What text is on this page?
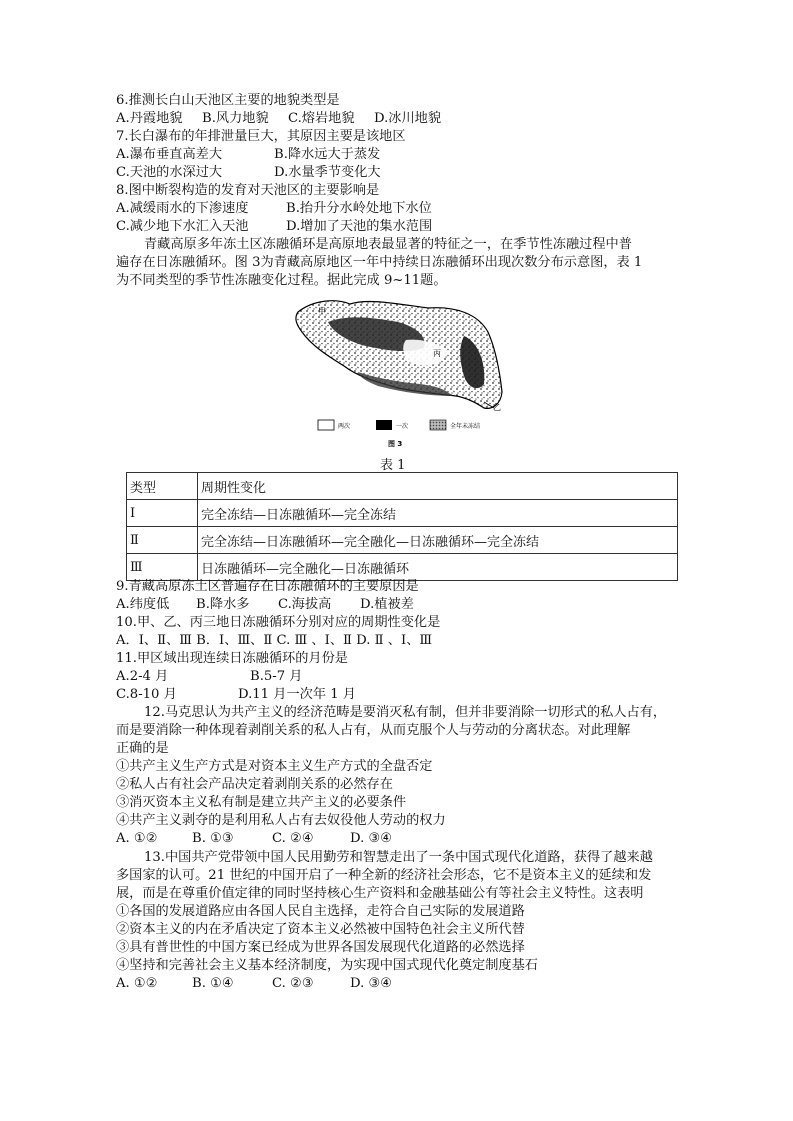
6.推测长白山天池区主要的地貌类型是
A.丹霞地貌 B.风力地貌 C.熔岩地貌 D.冰川地貌
7.长白瀑布的年排泄量巨大，其原因主要是该地区
A.瀑布垂直高差大	B.降水远大于蒸发
C.天池的水深过大	D.水量季节变化大
8.图中断裂构造的发育对天池区的主要影响是
A.减缓雨水的下渗速度	B.抬升分水岭处地下水位
C.减少地下水汇入天池	D.增加了天池的集水范围
青藏高原多年冻土区冻融循环是高原地表最显著的特征之一，在季节性冻融过程中普
遍存在日冻融循环。图 3为青藏高原地区一年中持续日冻融循环出现次数分布示意图，表 1
为不同类型的季节性冻融变化过程。据此完成 9~11题。
甲
丙
乙
两次	一次	全年未冻结
图 3
表 1
类型	周期性变化
Ⅰ	完全冻结—日冻融循环—完全冻结
Ⅱ	完全冻结—日冻融循环—完全融化—日冻融循环—完全冻结
Ⅲ	日冻融循环—完全融化—日冻融循环
9.青藏高原冻土区普遍存在日冻融循环的主要原因是
A.纬度低 B.降水多 C.海拔高 D.植被差
10.甲、乙、丙三地日冻融循环分别对应的周期性变化是
A．Ⅰ、Ⅱ、Ⅲ B．Ⅰ、Ⅲ、Ⅱ C. Ⅲ 、Ⅰ、Ⅱ D. Ⅱ 、Ⅰ、Ⅲ
11.甲区域出现连续日冻融循环的月份是
A.2-4 月	B.5-7 月
C.8-10 月	D.11 月一次年 1 月
12.马克思认为共产主义的经济范畴是要消灭私有制，但并非要消除一切形式的私人占有，
而是要消除一种体现着剥削关系的私人占有，从而克服个人与劳动的分离状态。对此理解
正确的是
①共产主义生产方式是对资本主义生产方式的全盘否定
②私人占有社会产品决定着剥削关系的必然存在
③消灭资本主义私有制是建立共产主义的必要条件
④共产主义剥夺的是利用私人占有去奴役他人劳动的权力
A. ①②	B. ①③	C. ②④	D. ③④
13.中国共产党带领中国人民用勤劳和智慧走出了一条中国式现代化道路，获得了越来越
多国家的认可。21 世纪的中国开启了一种全新的经济社会形态，它不是资本主义的延续和发
展，而是在尊重价值定律的同时坚持核心生产资料和金融基础公有等社会主义特性。这表明
①各国的发展道路应由各国人民自主选择，走符合自己实际的发展道路
②资本主义的内在矛盾决定了资本主义必然被中国特色社会主义所代替
③具有普世性的中国方案已经成为世界各国发展现代化道路的必然选择
④坚持和完善社会主义基本经济制度，为实现中国式现代化奠定制度基石
A. ①②	B. ①④	C. ②③	D. ③④
